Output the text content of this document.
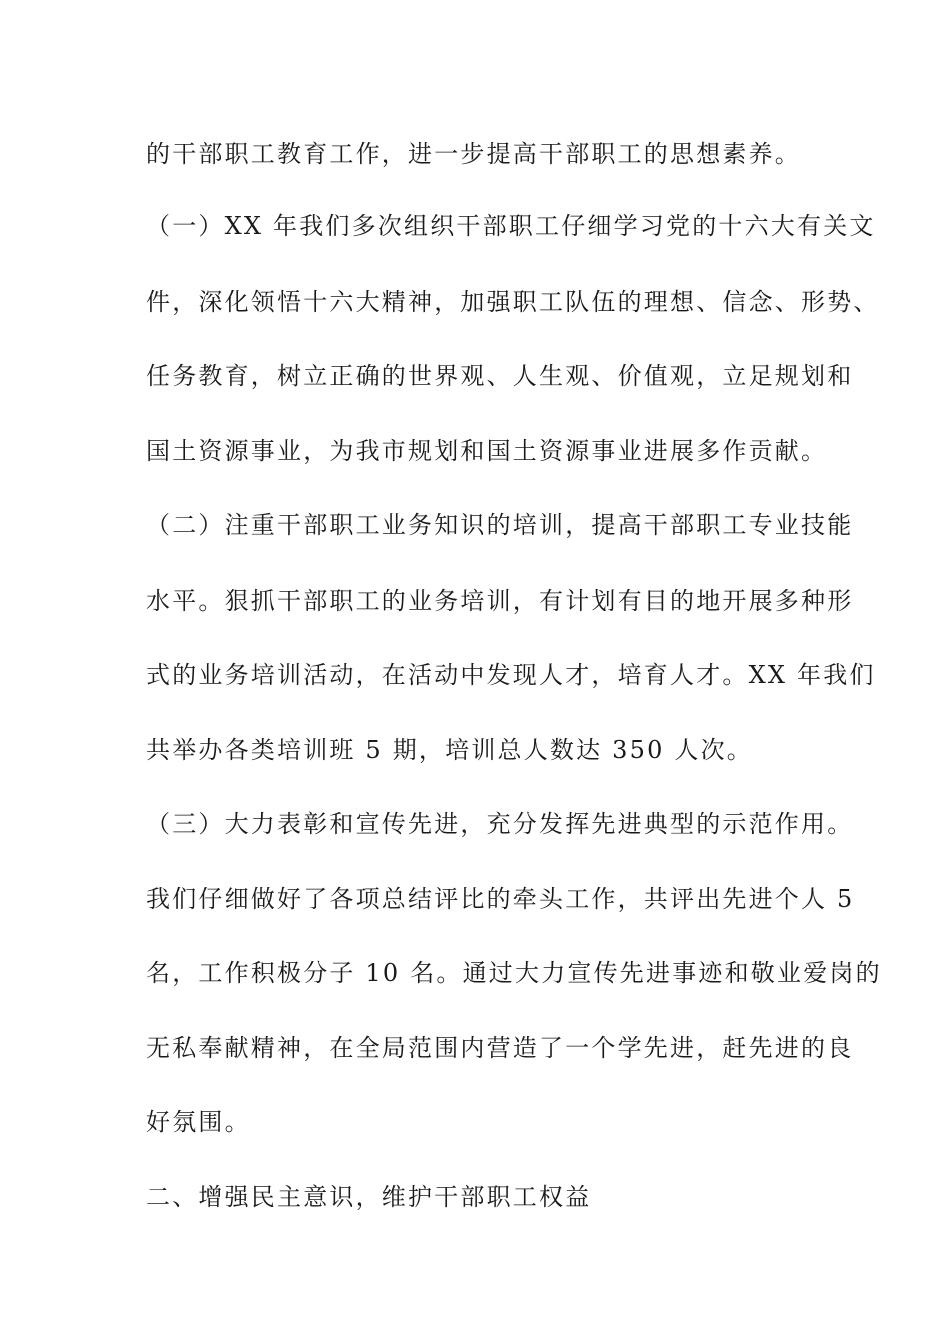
的干部职工教育工作，进一步提高干部职工的思想素养。

（一）XX 年我们多次组织干部职工仔细学习党的十六大有关文

件，深化领悟十六大精神，加强职工队伍的理想、信念、形势、

任务教育，树立正确的世界观、人生观、价值观，立足规划和

国土资源事业，为我市规划和国土资源事业进展多作贡献。

（二）注重干部职工业务知识的培训，提高干部职工专业技能

水平。狠抓干部职工的业务培训，有计划有目的地开展多种形

式的业务培训活动，在活动中发现人才，培育人才。XX 年我们

共举办各类培训班 5 期，培训总人数达 350 人次。

（三）大力表彰和宣传先进，充分发挥先进典型的示范作用。

我们仔细做好了各项总结评比的牵头工作，共评出先进个人 5

名，工作积极分子 10 名。通过大力宣传先进事迹和敬业爱岗的

无私奉献精神，在全局范围内营造了一个学先进，赶先进的良

好氛围。

二、增强民主意识，维护干部职工权益
